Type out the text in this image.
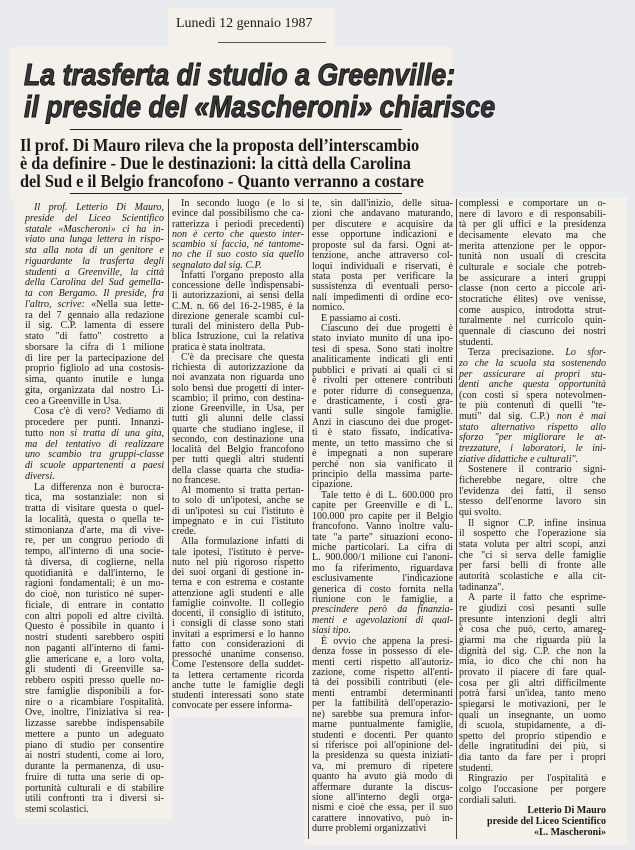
Lunedì 12 gennaio 1987
La trasferta di studio a Greenville:
il preside del «Mascheroni» chiarisce
Il prof. Di Mauro rileva che la proposta dell’interscambio
è da definire - Due le destinazioni: la città della Carolina
del Sud e il Belgio francofono - Quanto verranno a costare
Il prof. Letterio Di Mauro,
preside del Liceo Scientifico
statale «Mascheroni» ci ha in-
viato una lunga lettera in rispo-
sta alla nota di un genitore e
riguardante la trasferta degli
studenti a Greenville, la città
della Carolina del Sud gemella-
ta con Bergamo. Il preside, fra
l'altro, scrive: «Nella sua lette-
ra del 7 gennaio alla redazione
il sig. C.P. lamenta di essere
stato "di fatto" costretto a
sborsare la cifra di 1 milione
di lire per la partecipazione del
proprio figliolo ad una costosis-
sima, quanto inutile e lunga
gita, organizzata dal nostro Li-
ceo a Greenville in Usa.
Cosa c'è di vero? Vediamo di
procedere per punti. Innanzi-
tutto non si tratta di una gita,
ma del tentativo di realizzare
uno scambio tra gruppi-classe
di scuole appartenenti a paesi
diversi.
La differenza non è burocra-
tica, ma sostanziale: non si
tratta di visitare questa o quel-
la località, questa o quella te-
stimonianza d'arte, ma di vive-
re, per un congruo periodo di
tempo, all'interno di una socie-
tà diversa, di coglierne, nella
quotidianità e dall'interno, le
ragioni fondamentali; è un mo-
do cioè, non turistico né super-
ficiale, di entrare in contatto
con altri popoli ed altre civiltà.
Questo è possibile in quanto i
nostri studenti sarebbero ospiti
non paganti all'interno di fami-
glie americane e, a loro volta,
gli studenti di Greenville sa-
rebbero ospiti presso quelle no-
stre famiglie disponibili a for-
nire o a ricambiare l'ospitalità.
Ove, inoltre, l'iniziativa si rea-
lizzasse sarebbe indispensabile
mettere a punto un adeguato
piano di studio per consentire
ai nostri studenti, come ai loro,
durante la permanenza, di usu-
fruire di tutta una serie di op-
portunità culturali e di stabilire
utili confronti tra i diversi si-
stemi scolastici.
In secondo luogo (e lo si
evince dal possibilismo che ca-
ratterizza i periodi precedenti)
non è certo che questo inter-
scambio si faccia, né tantome-
no che il suo costo sia quello
segnalato dal sig. C.P.
Infatti l'organo preposto alla
concessione delle indispensabi-
li autorizzazioni, ai sensi della
C.M. n. 66 del 16-2-1985, è la
direzione generale scambi cul-
turali del ministero della Pub-
blica Istruzione, cui la relativa
pratica è stata inoltrata.
C'è da precisare che questa
richiesta di autorizzazione da
noi avanzata non riguarda uno
solo bensì due progetti di inter-
scambio; il primo, con destina-
zione Greenville, in Usa, per
tutti gli alunni delle classi
quarte che studiano inglese, il
secondo, con destinazione una
località del Belgio francofono
per tutti quegli altri studenti
della classe quarta che studia-
no francese.
Al momento si tratta pertan-
to solo di un'ipotesi, anche se
di un'ipotesi su cui l'istituto è
impegnato e in cui l'istituto
crede.
Alla formulazione infatti di
tale ipotesi, l'istituto è perve-
nuto nel più rigoroso rispetto
dei suoi organi di gestione in-
terna e con estrema e costante
attenzione agli studenti e alle
famiglie coinvolte. Il collegio
docenti, il consiglio di istituto,
i consigli di classe sono stati
invitati a esprimersi e lo hanno
fatto con considerazioni di
pressoché unanime consenso.
Come l'estensore della suddet-
ta lettera certamente ricorda
anche tutte le famiglie degli
studenti interessati sono state
convocate per essere informa-
te, sin dall'inizio, delle situa-
zioni che andavano maturando,
per discutere e acquisire da
esse opportune indicazioni e
proposte sul da farsi. Ogni at-
tenzione, anche attraverso col-
loqui individuali e riservati, è
stata posta per verificare la
sussistenza di eventuali perso-
nali impedimenti di ordine eco-
nomico.
E passiamo ai costi.
Ciascuno dei due progetti è
stato inviato munito di una ipo-
tesi di spesa. Sono stati inoltre
analiticamente indicati gli enti
pubblici e privati ai quali ci si
è rivolti per ottenere contributi
e poter ridurre di conseguenza,
e drasticamente, i costi gra-
vanti sulle singole famiglie.
Anzi in ciascuno dei due proget-
ti è stato fissato, indicativa-
mente, un tetto massimo che si
è impegnati a non superare
perché non sia vanificato il
principio della massima parte-
cipazione.
Tale tetto è di L. 600.000 pro
capite per Greenville e di L.
100.000 pro capite per il Belgio
francofono. Vanno inoltre valu-
tate "a parte" situazioni econo-
miche particolari. La cifra di
L. 900.000/1 milione cui l'anoni-
mo fa riferimento, riguardava
esclusivamente l'indicazione
generica di costo fornita nella
riunione con le famiglie, a
prescindere però da finanzia-
menti e agevolazioni di qual-
siasi tipo.
È ovvio che appena la presi-
denza fosse in possesso di ele-
menti certi rispetto all'autoriz-
zazione, come rispetto all'enti-
tà dei possibili contributi (ele-
menti entrambi determinanti
per la fattibilità dell'operazio-
ne) sarebbe sua premura infor-
marne puntualmente famiglie,
studenti e docenti. Per quanto
si riferisce poi all'opinione del-
la presidenza su questa iniziati-
va, mi premuro di ripetere
quanto ha avuto già modo di
affermare durante la discus-
sione all'interno degli orga-
nismi e cioè che essa, per il suo
carattere innovativo, può in-
durre problemi organizzativi
complessi e comportare un o-
nere di lavoro e di responsabili-
tà per gli uffici e la presidenza
decisamente elevato ma che
merita attenzione per le oppor-
tunità non usuali di crescita
culturale e sociale che potreb-
be assicurare a interi gruppi
classe (non certo a piccole ari-
stocratiche élites) ove venisse,
come auspico, introdotta strut-
turalmente nel curricolo quin-
quennale di ciascuno dei nostri
studenti.
Terza precisazione. Lo sfor-
zo che la scuola sta sostenendo
per assicurare ai propri stu-
denti anche questa opportunità
(con costi si spera notevolmen-
te più contenuti di quelli "te-
muti" dal sig. C.P.) non è mai
stato alternativo rispetto allo
sforzo "per migliorare le at-
trezzature, i laboratori, le ini-
ziative didattiche e culturali".
Sostenere il contrario signi-
ficherebbe negare, oltre che
l'evidenza dei fatti, il senso
stesso dell'enorme lavoro sin
qui svolto.
Il signor C.P. infine insinua
il sospetto che l'operazione sia
stata voluta per altri scopi, anzi
che "ci si serva delle famiglie
per farsi belli di fronte alle
autorità scolastiche e alla cit-
tadinanza".
A parte il fatto che esprime-
re giudizi così pesanti sulle
presunte intenzioni degli altri
è cosa che può, certo, amareg-
giarmi ma che riguarda più la
dignità del sig. C.P. che non la
mia, io dico che chi non ha
provato il piacere di fare qual-
cosa per gli altri difficilmente
potrà farsi un'idea, tanto meno
spiegarsi le motivazioni, per le
quali un insegnante, un uomo
di scuola, stupidamente, a di-
spetto del proprio stipendio e
delle ingratitudini dei più, si
dia tanto da fare per i propri
studenti.
Ringrazio per l'ospitalità e
colgo l'occasione per porgere
cordiali saluti.
Letterio Di Mauro
preside del Liceo Scientifico
«L. Mascheroni»
